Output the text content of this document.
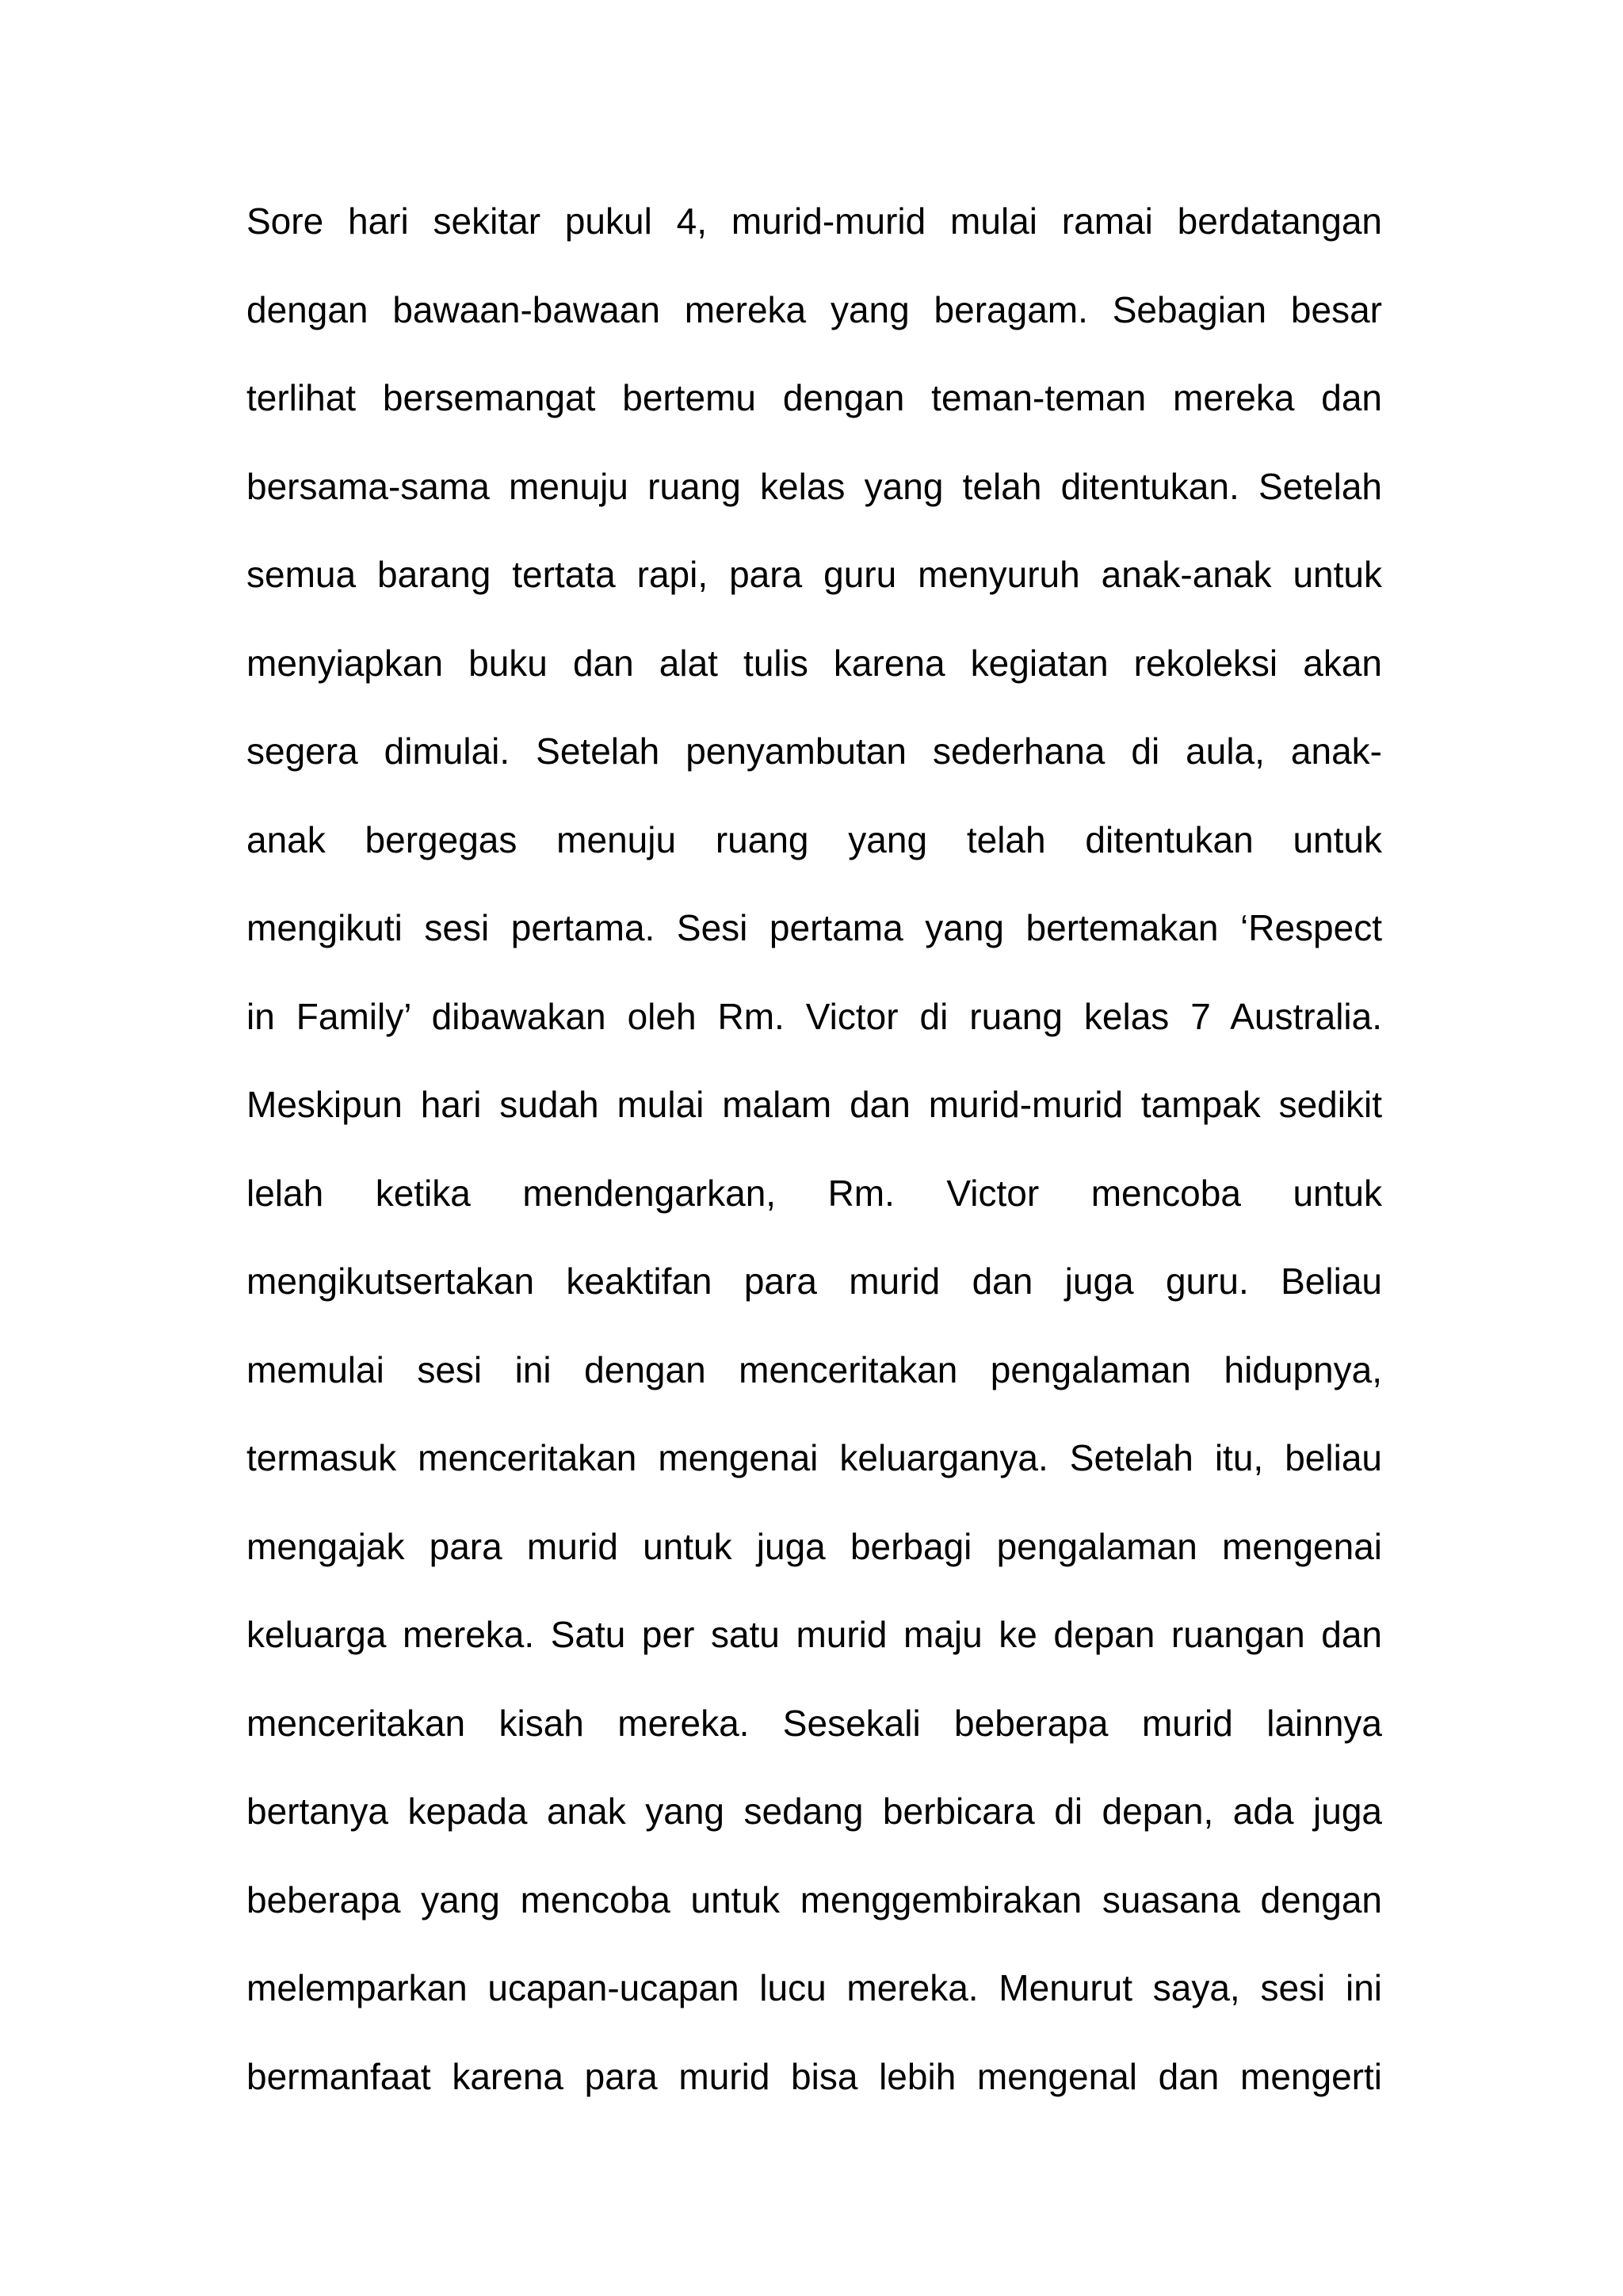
Sore hari sekitar pukul 4, murid-murid mulai ramai berdatangan
dengan bawaan-bawaan mereka yang beragam. Sebagian besar
terlihat bersemangat bertemu dengan teman-teman mereka dan
bersama-sama menuju ruang kelas yang telah ditentukan. Setelah
semua barang tertata rapi, para guru menyuruh anak-anak untuk
menyiapkan buku dan alat tulis karena kegiatan rekoleksi akan
segera dimulai. Setelah penyambutan sederhana di aula, anak-
anak bergegas menuju ruang yang telah ditentukan untuk
mengikuti sesi pertama. Sesi pertama yang bertemakan ‘Respect
in Family’ dibawakan oleh Rm. Victor di ruang kelas 7 Australia.
Meskipun hari sudah mulai malam dan murid-murid tampak sedikit
lelah ketika mendengarkan, Rm. Victor mencoba untuk
mengikutsertakan keaktifan para murid dan juga guru. Beliau
memulai sesi ini dengan menceritakan pengalaman hidupnya,
termasuk menceritakan mengenai keluarganya. Setelah itu, beliau
mengajak para murid untuk juga berbagi pengalaman mengenai
keluarga mereka. Satu per satu murid maju ke depan ruangan dan
menceritakan kisah mereka. Sesekali beberapa murid lainnya
bertanya kepada anak yang sedang berbicara di depan, ada juga
beberapa yang mencoba untuk menggembirakan suasana dengan
melemparkan ucapan-ucapan lucu mereka. Menurut saya, sesi ini
bermanfaat karena para murid bisa lebih mengenal dan mengerti
